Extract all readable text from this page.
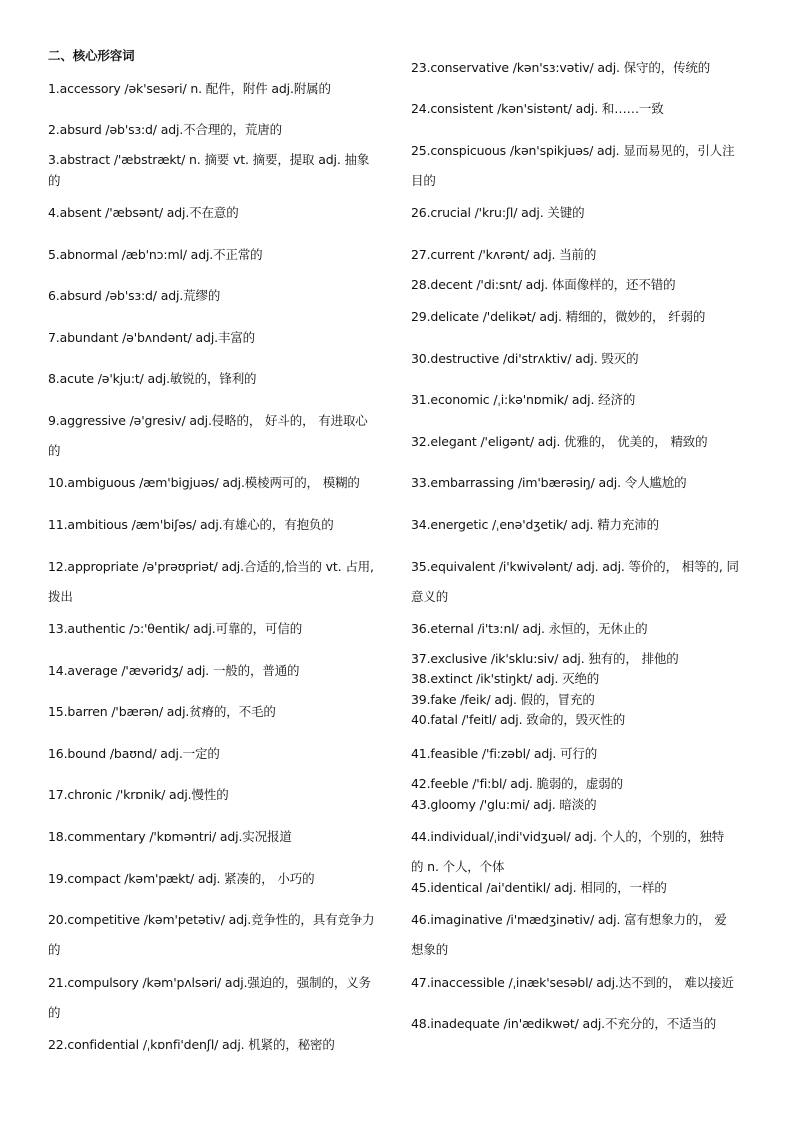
二、核心形容词
1.accessory /ək'sesəri/ n. 配件，附件 adj.附属的
2.absurd /əb'sɜ:d/ adj.不合理的，荒唐的
3.abstract /'æbstrækt/ n. 摘要 vt. 摘要，提取 adj. 抽象
的
4.absent /'æbsənt/ adj.不在意的
5.abnormal /æb'nɔ:ml/ adj.不正常的
6.absurd /əb'sɜ:d/ adj.荒缪的
7.abundant /ə'bʌndənt/ adj.丰富的
8.acute /ə'kju:t/ adj.敏锐的，锋利的
9.aggressive /ə'gresiv/ adj.侵略的， 好斗的， 有进取心
的
10.ambiguous /æm'bigjuəs/ adj.模棱两可的， 模糊的
11.ambitious /æm'biʃəs/ adj.有雄心的，有抱负的
12.appropriate /ə'prəʊpriət/ adj.合适的,恰当的 vt. 占用,
拨出
13.authentic /ɔ:'θentik/ adj.可靠的，可信的
14.average /'ævəridʒ/ adj. 一般的，普通的
15.barren /'bærən/ adj.贫瘠的，不毛的
16.bound /baʊnd/ adj.一定的
17.chronic /'krɒnik/ adj.慢性的
18.commentary /'kɒməntri/ adj.实况报道
19.compact /kəm'pækt/ adj. 紧凑的， 小巧的
20.competitive /kəm'petətiv/ adj.竞争性的，具有竞争力
的
21.compulsory /kəm'pʌlsəri/ adj.强迫的，强制的，义务
的
22.confidential /ˌkɒnfi'denʃl/ adj. 机紧的，秘密的
23.conservative /kən'sɜ:vətiv/ adj. 保守的，传统的
24.consistent /kən'sistənt/ adj. 和……一致
25.conspicuous /kən'spikjuəs/ adj. 显而易见的，引人注
目的
26.crucial /'kru:ʃl/ adj. 关键的
27.current /'kʌrənt/ adj. 当前的
28.decent /'di:snt/ adj. 体面像样的，还不错的
29.delicate /'delikət/ adj. 精细的，微妙的， 纤弱的
30.destructive /di'strʌktiv/ adj. 毁灭的
31.economic /ˌi:kə'nɒmik/ adj. 经济的
32.elegant /'eligənt/ adj. 优雅的， 优美的， 精致的
33.embarrassing /im'bærəsiŋ/ adj. 令人尴尬的
34.energetic /ˌenə'dʒetik/ adj. 精力充沛的
35.equivalent /i'kwivələnt/ adj. adj. 等价的， 相等的, 同
意义的
36.eternal /i'tɜ:nl/ adj. 永恒的，无休止的
37.exclusive /ik'sklu:siv/ adj. 独有的， 排他的
38.extinct /ik'stiŋkt/ adj. 灭绝的
39.fake /feik/ adj. 假的，冒充的
40.fatal /'feitl/ adj. 致命的，毁灭性的
41.feasible /'fi:zəbl/ adj. 可行的
42.feeble /'fi:bl/ adj. 脆弱的，虚弱的
43.gloomy /'glu:mi/ adj. 暗淡的
44.individual/ˌindi'vidʒuəl/ adj. 个人的，个别的，独特
的 n. 个人，个体
45.identical /ai'dentikl/ adj. 相同的，一样的
46.imaginative /i'mædʒinətiv/ adj. 富有想象力的， 爱
想象的
47.inaccessible /ˌinæk'sesəbl/ adj.达不到的， 难以接近
48.inadequate /in'ædikwət/ adj.不充分的，不适当的
